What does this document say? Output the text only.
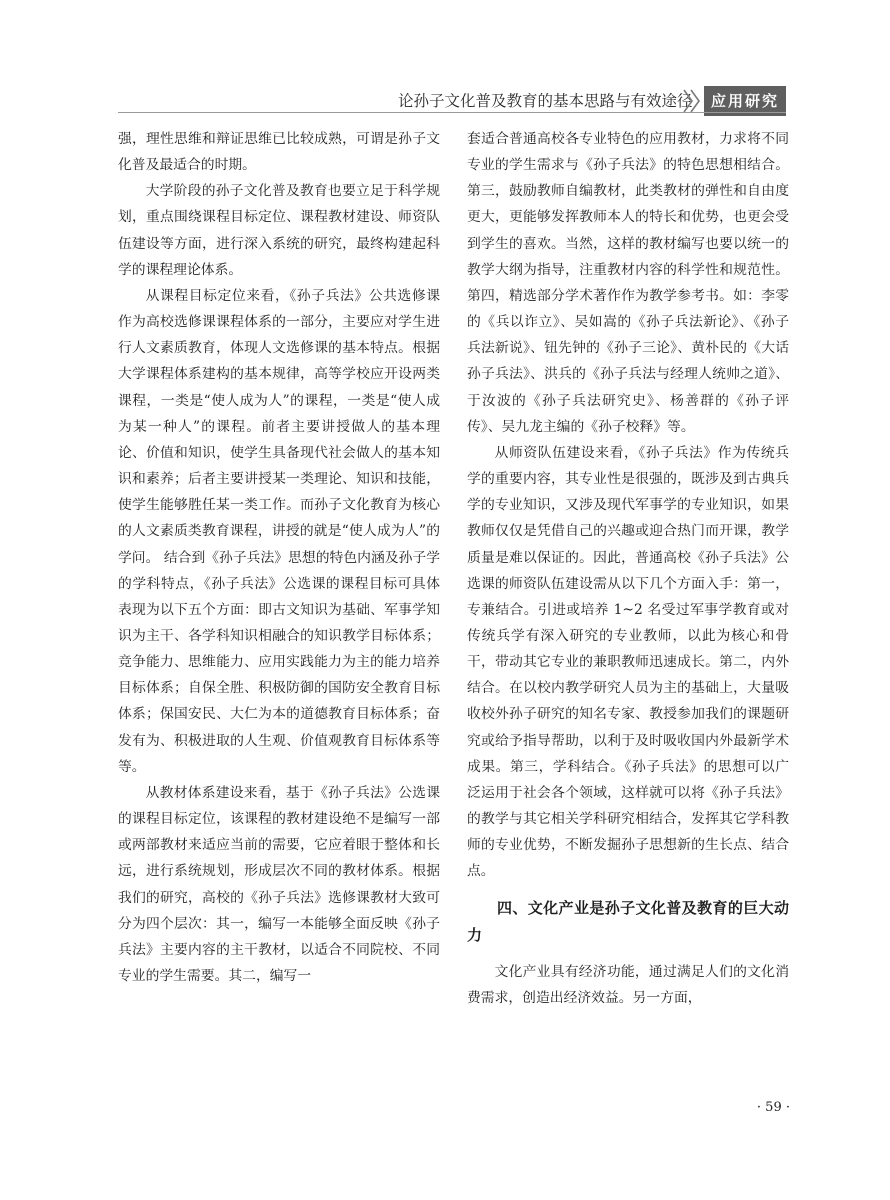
论孙子文化普及教育的基本思路与有效途径	应用研究

强，理性思维和辩证思维已比较成熟，可谓是孙子文化普及最适合的时期。

大学阶段的孙子文化普及教育也要立足于科学规划，重点围绕课程目标定位、课程教材建设、师资队伍建设等方面，进行深入系统的研究，最终构建起科学的课程理论体系。

从课程目标定位来看，《孙子兵法》公共选修课作为高校选修课课程体系的一部分，主要应对学生进行人文素质教育，体现人文选修课的基本特点。根据大学课程体系建构的基本规律，高等学校应开设两类课程，一类是“使人成为人”的课程，一类是“使人成为某一种人”的课程。前者主要讲授做人的基本理论、价值和知识，使学生具备现代社会做人的基本知识和素养；后者主要讲授某一类理论、知识和技能，使学生能够胜任某一类工作。而孙子文化教育为核心的人文素质类教育课程，讲授的就是“使人成为人”的学问。 结合到《孙子兵法》思想的特色内涵及孙子学的学科特点，《孙子兵法》公选课的课程目标可具体表现为以下五个方面：即古文知识为基础、军事学知识为主干、各学科知识相融合的知识教学目标体系；竞争能力、思维能力、应用实践能力为主的能力培养目标体系；自保全胜、积极防御的国防安全教育目标体系；保国安民、大仁为本的道德教育目标体系；奋发有为、积极进取的人生观、价值观教育目标体系等等。

从教材体系建设来看，基于《孙子兵法》公选课的课程目标定位，该课程的教材建设绝不是编写一部或两部教材来适应当前的需要，它应着眼于整体和长远，进行系统规划，形成层次不同的教材体系。根据我们的研究，高校的《孙子兵法》选修课教材大致可分为四个层次：其一，编写一本能够全面反映《孙子兵法》主要内容的主干教材，以适合不同院校、不同专业的学生需要。其二，编写一

套适合普通高校各专业特色的应用教材，力求将不同专业的学生需求与《孙子兵法》的特色思想相结合。第三，鼓励教师自编教材，此类教材的弹性和自由度更大，更能够发挥教师本人的特长和优势，也更会受到学生的喜欢。当然，这样的教材编写也要以统一的教学大纲为指导，注重教材内容的科学性和规范性。第四，精选部分学术著作作为教学参考书。如：李零的《兵以诈立》、吴如嵩的《孙子兵法新论》、《孙子兵法新说》、钮先钟的《孙子三论》、黄朴民的《大话孙子兵法》、洪兵的《孙子兵法与经理人统帅之道》、于汝波的《孙子兵法研究史》、杨善群的《孙子评传》、吴九龙主编的《孙子校释》等。

从师资队伍建设来看，《孙子兵法》作为传统兵学的重要内容，其专业性是很强的，既涉及到古典兵学的专业知识，又涉及现代军事学的专业知识，如果教师仅仅是凭借自己的兴趣或迎合热门而开课，教学质量是难以保证的。因此，普通高校《孙子兵法》公选课的师资队伍建设需从以下几个方面入手：第一，专兼结合。引进或培养 1~2 名受过军事学教育或对传统兵学有深入研究的专业教师，以此为核心和骨干，带动其它专业的兼职教师迅速成长。第二，内外结合。在以校内教学研究人员为主的基础上，大量吸收校外孙子研究的知名专家、教授参加我们的课题研究或给予指导帮助，以利于及时吸收国内外最新学术成果。第三，学科结合。《孙子兵法》的思想可以广泛运用于社会各个领域，这样就可以将《孙子兵法》的教学与其它相关学科研究相结合，发挥其它学科教师的专业优势，不断发掘孙子思想新的生长点、结合点。

四、文化产业是孙子文化普及教育的巨大动力

文化产业具有经济功能，通过满足人们的文化消费需求，创造出经济效益。另一方面，

· 59 ·
